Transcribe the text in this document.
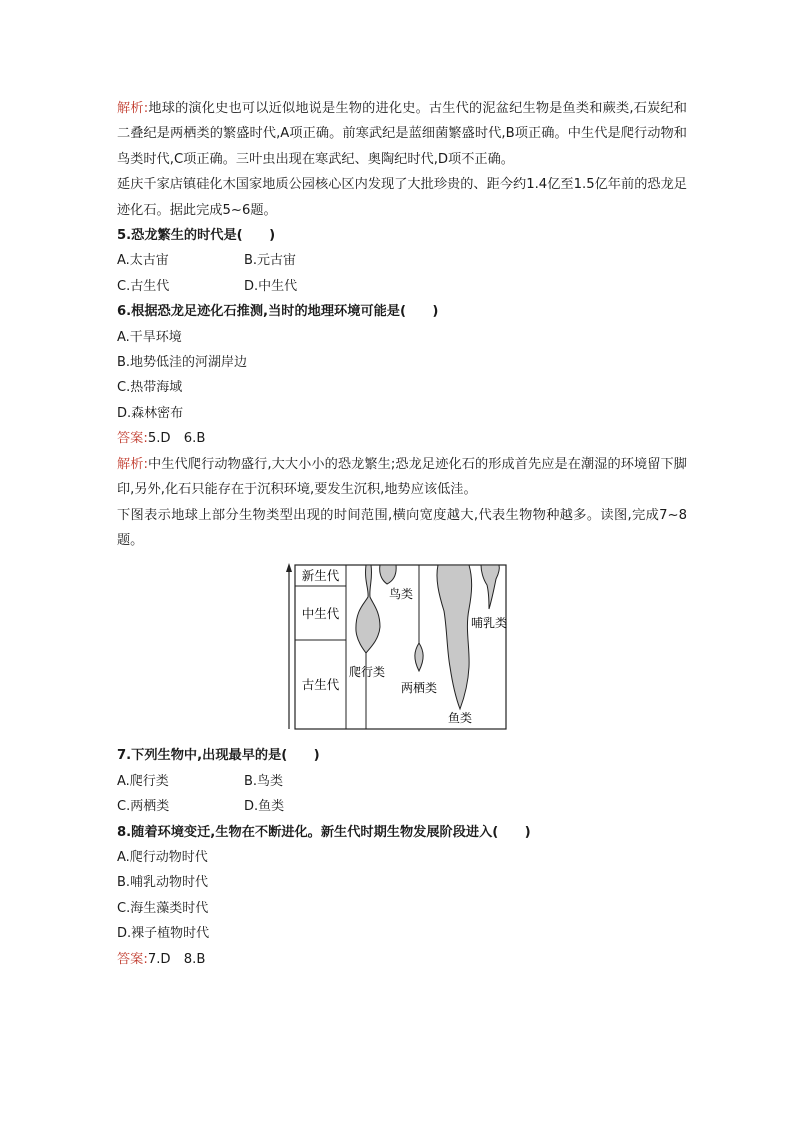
解析:地球的演化史也可以近似地说是生物的进化史。古生代的泥盆纪生物是鱼类和蕨类,石炭纪和二叠纪是两栖类的繁盛时代,A项正确。前寒武纪是蓝细菌繁盛时代,B项正确。中生代是爬行动物和鸟类时代,C项正确。三叶虫出现在寒武纪、奥陶纪时代,D项不正确。

延庆千家店镇硅化木国家地质公园核心区内发现了大批珍贵的、距今约1.4亿至1.5亿年前的恐龙足迹化石。据此完成5~6题。

5.恐龙繁生的时代是(　　)

A.太古宙	B.元古宙
C.古生代	D.中生代

6.根据恐龙足迹化石推测,当时的地理环境可能是(　　)

A.干旱环境
B.地势低洼的河湖岸边
C.热带海域
D.森林密布

答案:5.D　6.B

解析:中生代爬行动物盛行,大大小小的恐龙繁生;恐龙足迹化石的形成首先应是在潮湿的环境留下脚印,另外,化石只能存在于沉积环境,要发生沉积,地势应该低洼。

下图表示地球上部分生物类型出现的时间范围,横向宽度越大,代表生物物种越多。读图,完成7~8题。

新生代
中生代
古生代
鸟类
哺乳类
爬行类
两栖类
鱼类

7.下列生物中,出现最早的是(　　)

A.爬行类	B.鸟类
C.两栖类	D.鱼类

8.随着环境变迁,生物在不断进化。新生代时期生物发展阶段进入(　　)

A.爬行动物时代
B.哺乳动物时代
C.海生藻类时代
D.裸子植物时代

答案:7.D　8.B
